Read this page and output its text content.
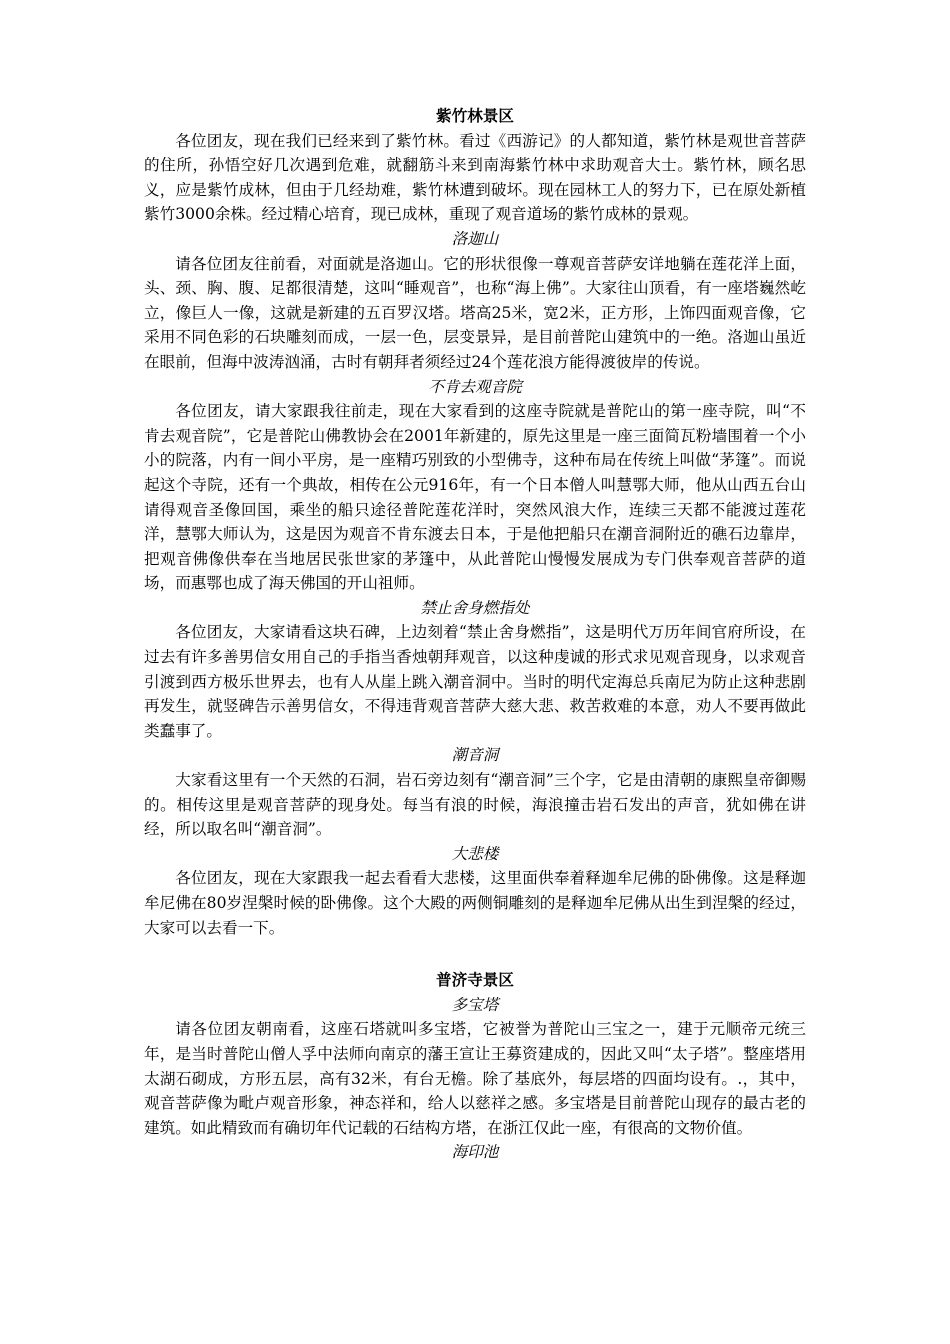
紫竹林景区

各位团友，现在我们已经来到了紫竹林。看过《西游记》的人都知道，紫竹林是观世音菩萨的住所，孙悟空好几次遇到危难，就翻筋斗来到南海紫竹林中求助观音大士。紫竹林，顾名思义，应是紫竹成林，但由于几经劫难，紫竹林遭到破坏。现在园林工人的努力下，已在原处新植紫竹3000余株。经过精心培育，现已成林，重现了观音道场的紫竹成林的景观。

洛迦山

请各位团友往前看，对面就是洛迦山。它的形状很像一尊观音菩萨安详地躺在莲花洋上面，头、颈、胸、腹、足都很清楚，这叫“睡观音”，也称“海上佛”。大家往山顶看，有一座塔巍然屹立，像巨人一像，这就是新建的五百罗汉塔。塔高25米，宽2米，正方形，上饰四面观音像，它采用不同色彩的石块雕刻而成，一层一色，层变景异，是目前普陀山建筑中的一绝。洛迦山虽近在眼前，但海中波涛汹涌，古时有朝拜者须经过24个莲花浪方能得渡彼岸的传说。

不肯去观音院

各位团友，请大家跟我往前走，现在大家看到的这座寺院就是普陀山的第一座寺院，叫“不肯去观音院”，它是普陀山佛教协会在2001年新建的，原先这里是一座三面简瓦粉墙围着一个小小的院落，内有一间小平房，是一座精巧别致的小型佛寺，这种布局在传统上叫做“茅篷”。而说起这个寺院，还有一个典故，相传在公元916年，有一个日本僧人叫慧鄂大师，他从山西五台山请得观音圣像回国，乘坐的船只途径普陀莲花洋时，突然风浪大作，连续三天都不能渡过莲花洋，慧鄂大师认为，这是因为观音不肯东渡去日本，于是他把船只在潮音洞附近的礁石边靠岸，把观音佛像供奉在当地居民张世家的茅篷中，从此普陀山慢慢发展成为专门供奉观音菩萨的道场，而惠鄂也成了海天佛国的开山祖师。

禁止舍身燃指处

各位团友，大家请看这块石碑，上边刻着“禁止舍身燃指”，这是明代万历年间官府所设，在过去有许多善男信女用自己的手指当香烛朝拜观音，以这种虔诚的形式求见观音现身，以求观音引渡到西方极乐世界去，也有人从崖上跳入潮音洞中。当时的明代定海总兵南尼为防止这种悲剧再发生，就竖碑告示善男信女，不得违背观音菩萨大慈大悲、救苦救难的本意，劝人不要再做此类蠢事了。

潮音洞

大家看这里有一个天然的石洞，岩石旁边刻有“潮音洞”三个字，它是由清朝的康熙皇帝御赐的。相传这里是观音菩萨的现身处。每当有浪的时候，海浪撞击岩石发出的声音，犹如佛在讲经，所以取名叫“潮音洞”。

大悲楼

各位团友，现在大家跟我一起去看看大悲楼，这里面供奉着释迦牟尼佛的卧佛像。这是释迦牟尼佛在80岁涅槃时候的卧佛像。这个大殿的两侧铜雕刻的是释迦牟尼佛从出生到涅槃的经过，大家可以去看一下。

普济寺景区
多宝塔

请各位团友朝南看，这座石塔就叫多宝塔，它被誉为普陀山三宝之一，建于元顺帝元统三年，是当时普陀山僧人孚中法师向南京的藩王宣让王募资建成的，因此又叫“太子塔”。整座塔用太湖石砌成，方形五层，高有32米，有台无檐。除了基底外，每层塔的四面均设有。.，其中，观音菩萨像为毗卢观音形象，神态祥和，给人以慈祥之感。多宝塔是目前普陀山现存的最古老的建筑。如此精致而有确切年代记载的石结构方塔，在浙江仅此一座，有很高的文物价值。

海印池
